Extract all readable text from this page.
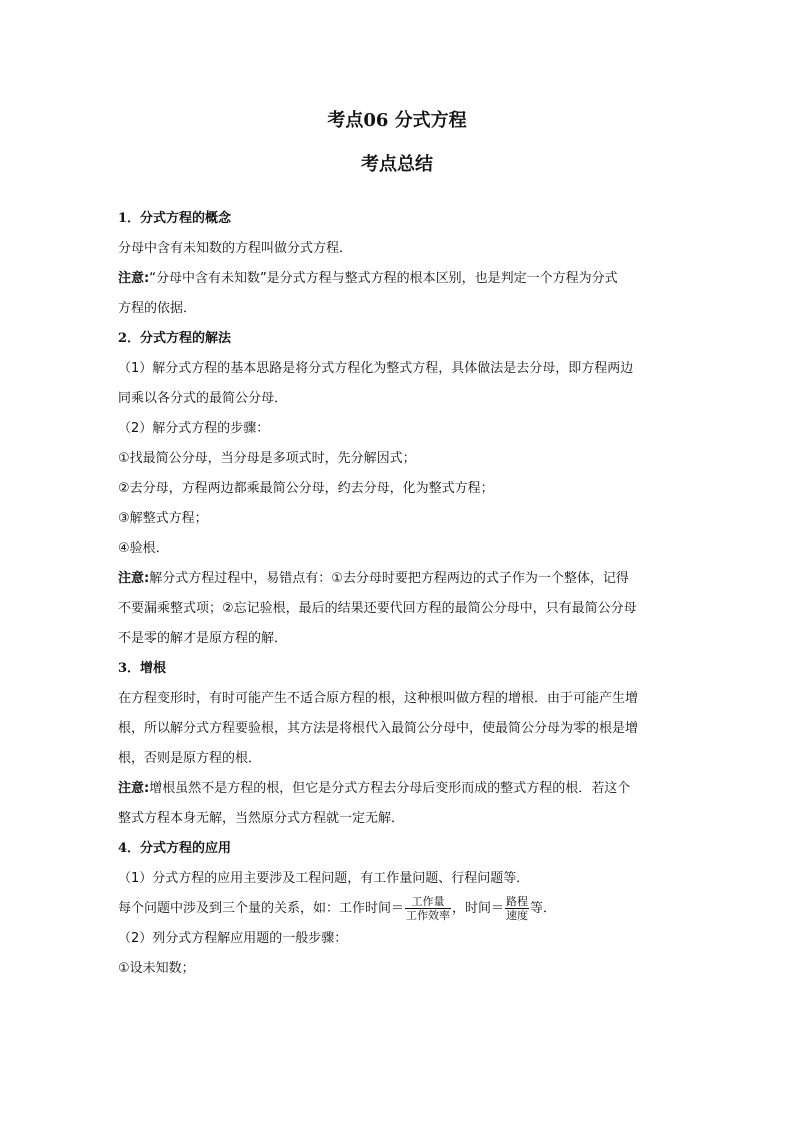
考点06 分式方程
考点总结
1．分式方程的概念
分母中含有未知数的方程叫做分式方程．
注意:“分母中含有未知数”是分式方程与整式方程的根本区别，也是判定一个方程为分式
方程的依据．
2．分式方程的解法
（1）解分式方程的基本思路是将分式方程化为整式方程，具体做法是去分母，即方程两边
同乘以各分式的最简公分母．
（2）解分式方程的步骤：
①找最简公分母，当分母是多项式时，先分解因式；
②去分母，方程两边都乘最简公分母，约去分母，化为整式方程；
③解整式方程；
④验根．
注意:解分式方程过程中，易错点有：①去分母时要把方程两边的式子作为一个整体，记得
不要漏乘整式项；②忘记验根，最后的结果还要代回方程的最简公分母中，只有最简公分母
不是零的解才是原方程的解．
3．增根
在方程变形时，有时可能产生不适合原方程的根，这种根叫做方程的增根．由于可能产生增
根，所以解分式方程要验根，其方法是将根代入最简公分母中，使最简公分母为零的根是增
根，否则是原方程的根．
注意:增根虽然不是方程的根，但它是分式方程去分母后变形而成的整式方程的根．若这个
整式方程本身无解，当然原分式方程就一定无解．
4．分式方程的应用
（1）分式方程的应用主要涉及工程问题，有工作量问题、行程问题等．
每个问题中涉及到三个量的关系，如：工作时间＝ $\frac{\text{工作量}}{\text{工作效率}}$ ，时间＝ $\frac{\text{路程}}{\text{速度}}$ 等．
（2）列分式方程解应用题的一般步骤：
①设未知数；
